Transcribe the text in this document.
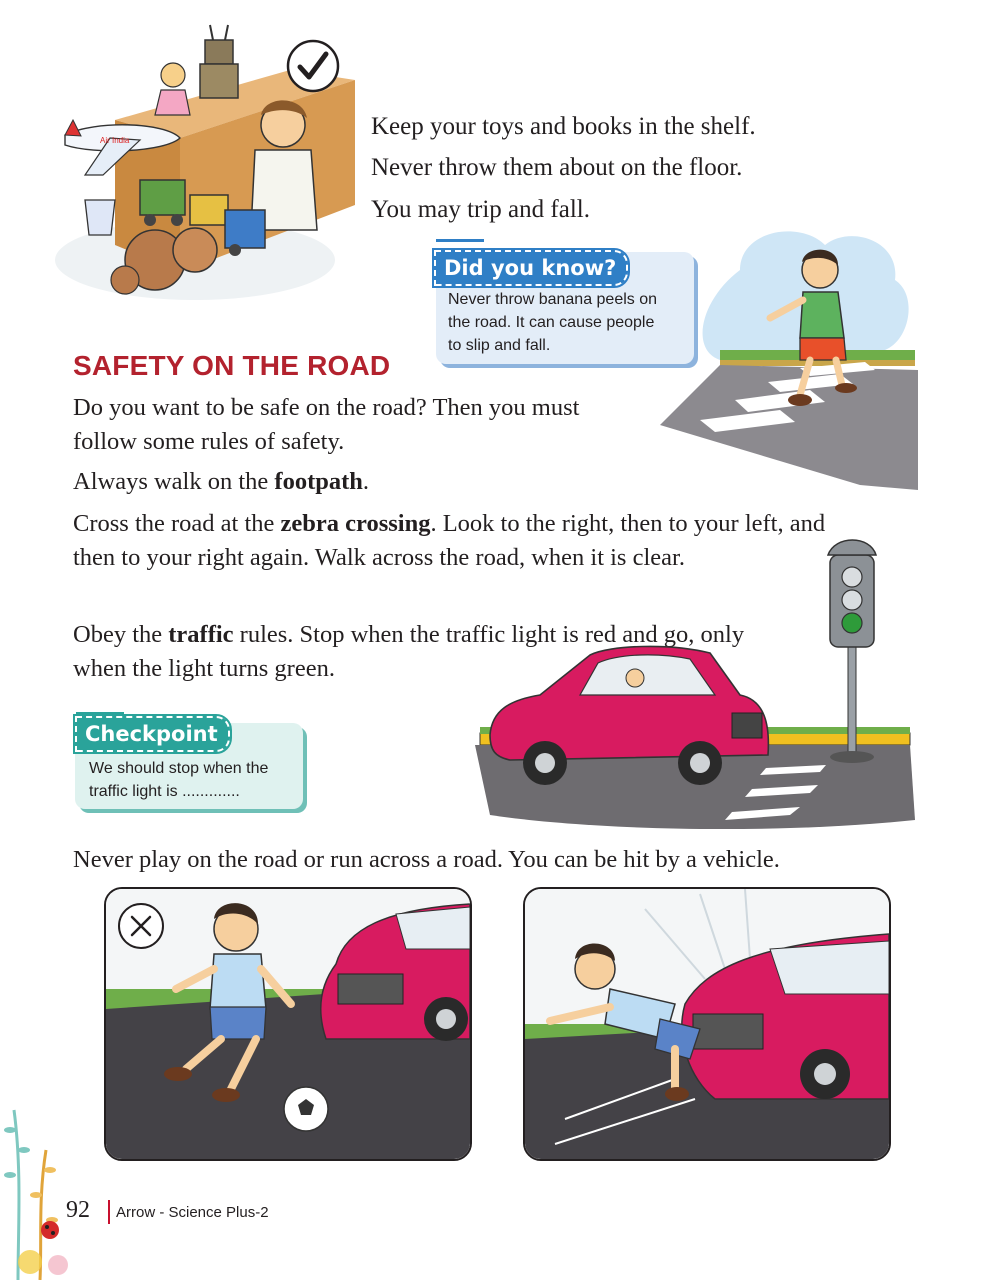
Air India

Keep your toys and books in the shelf.

Never throw them about on the floor.

You may trip and fall.

Never throw banana peels on
the road. It can cause people
to slip and fall.
Did you know?
SAFETY ON THE ROAD

Do you want to be safe on the road? Then you must

follow some rules of safety.

Always walk on the footpath.

Cross the road at the zebra crossing. Look to the right, then to your left, and

then to your right again. Walk across the road, when it is clear.

Obey the traffic rules. Stop when the traffic light is red and go, only

when the light turns green.

We should stop when the
traffic light is .............
Checkpoint
Never play on the road or run across a road. You can be hit by a vehicle.
92 Arrow - Science Plus-2
